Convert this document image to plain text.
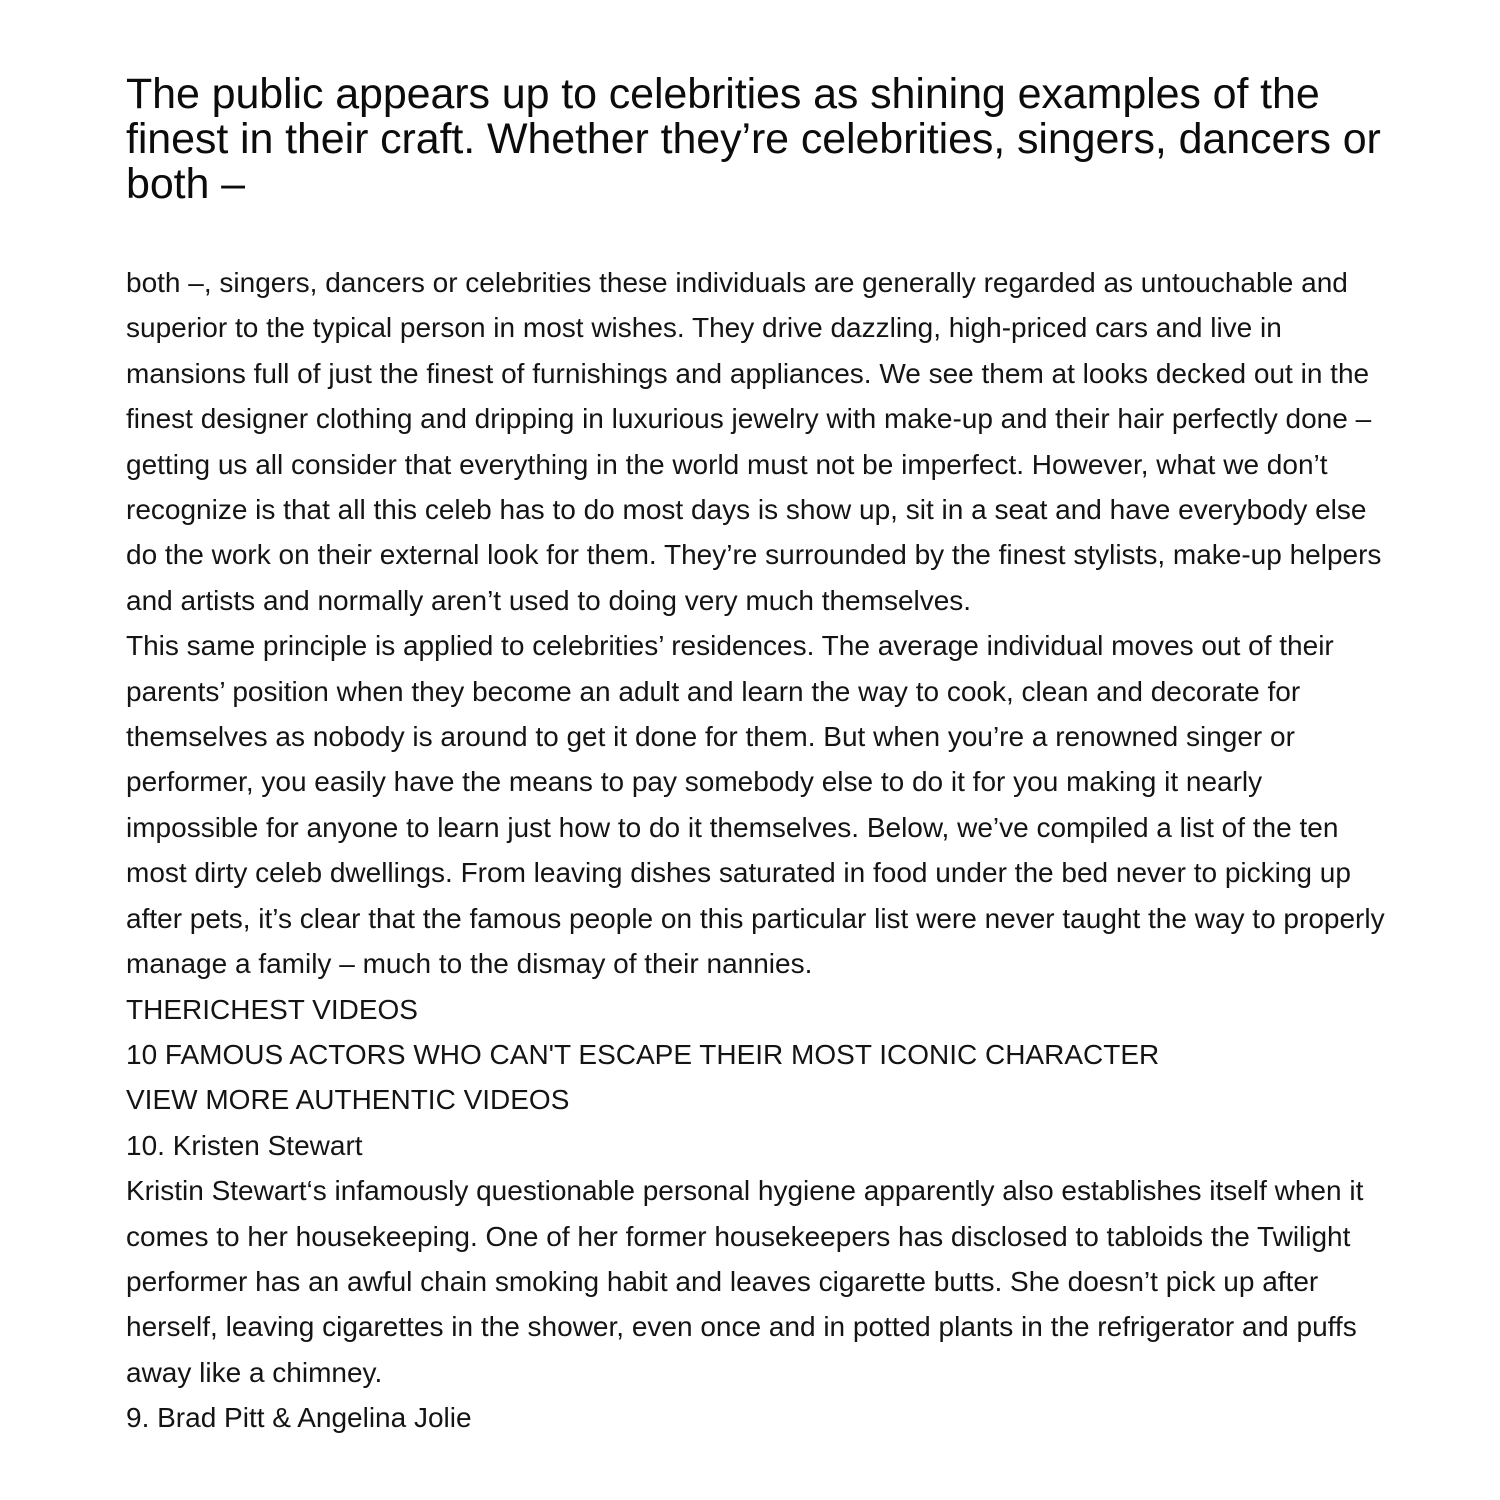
The public appears up to celebrities as shining examples of the finest in their craft. Whether they’re celebrities, singers, dancers or both –

both –, singers, dancers or celebrities these individuals are generally regarded as untouchable and superior to the typical person in most wishes. They drive dazzling, high-priced cars and live in mansions full of just the finest of furnishings and appliances. We see them at looks decked out in the finest designer clothing and dripping in luxurious jewelry with make-up and their hair perfectly done – getting us all consider that everything in the world must not be imperfect. However, what we don’t recognize is that all this celeb has to do most days is show up, sit in a seat and have everybody else do the work on their external look for them. They’re surrounded by the finest stylists, make-up helpers and artists and normally aren’t used to doing very much themselves.

This same principle is applied to celebrities’ residences. The average individual moves out of their parents’ position when they become an adult and learn the way to cook, clean and decorate for themselves as nobody is around to get it done for them. But when you’re a renowned singer or performer, you easily have the means to pay somebody else to do it for you making it nearly impossible for anyone to learn just how to do it themselves. Below, we’ve compiled a list of the ten most dirty celeb dwellings. From leaving dishes saturated in food under the bed never to picking up after pets, it’s clear that the famous people on this particular list were never taught the way to properly manage a family – much to the dismay of their nannies.

THERICHEST VIDEOS

10 FAMOUS ACTORS WHO CAN'T ESCAPE THEIR MOST ICONIC CHARACTER

VIEW MORE AUTHENTIC VIDEOS

10. Kristen Stewart

Kristin Stewart‘s infamously questionable personal hygiene apparently also establishes itself when it comes to her housekeeping. One of her former housekeepers has disclosed to tabloids the Twilight performer has an awful chain smoking habit and leaves cigarette butts. She doesn’t pick up after herself, leaving cigarettes in the shower, even once and in potted plants in the refrigerator and puffs away like a chimney.

9. Brad Pitt & Angelina Jolie
